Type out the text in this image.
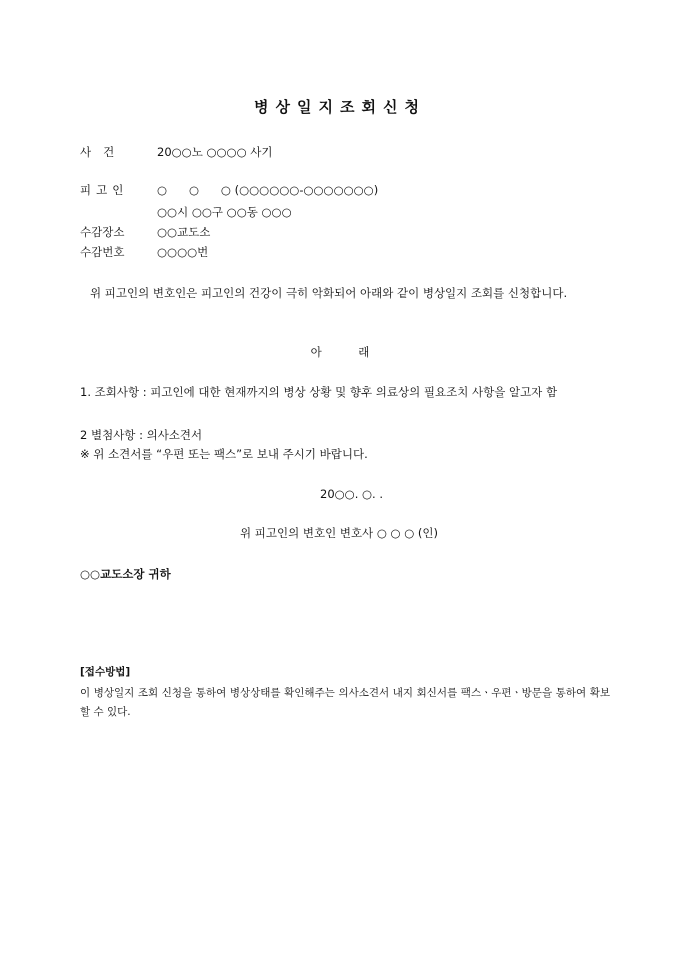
병상일지조회신청
사건	20○○노 ○○○○ 사기
피고인	○      ○      ○ (○○○○○○-○○○○○○○)
○○시 ○○구 ○○동 ○○○
수감장소	○○교도소
수감번호	○○○○번
위 피고인의 변호인은 피고인의 건강이 극히 악화되어 아래와 같이 병상일지 조회를 신청합니다.
아          래
1. 조회사항 : 피고인에 대한 현재까지의 병상 상황 및 향후 의료상의 필요조치 사항을 알고자 함
2 별첨사항 : 의사소견서
※ 위 소견서를 “우편 또는 팩스”로 보내 주시기 바랍니다.
20○○. ○. .
위 피고인의 변호인 변호사 ○ ○ ○ (인)
○○교도소장 귀하
[접수방법]
이 병상일지 조회 신청을 통하여 병상상태를 확인해주는 의사소견서 내지 회신서를 팩스ㆍ우편ㆍ방문을 통하여 확보할 수 있다.
